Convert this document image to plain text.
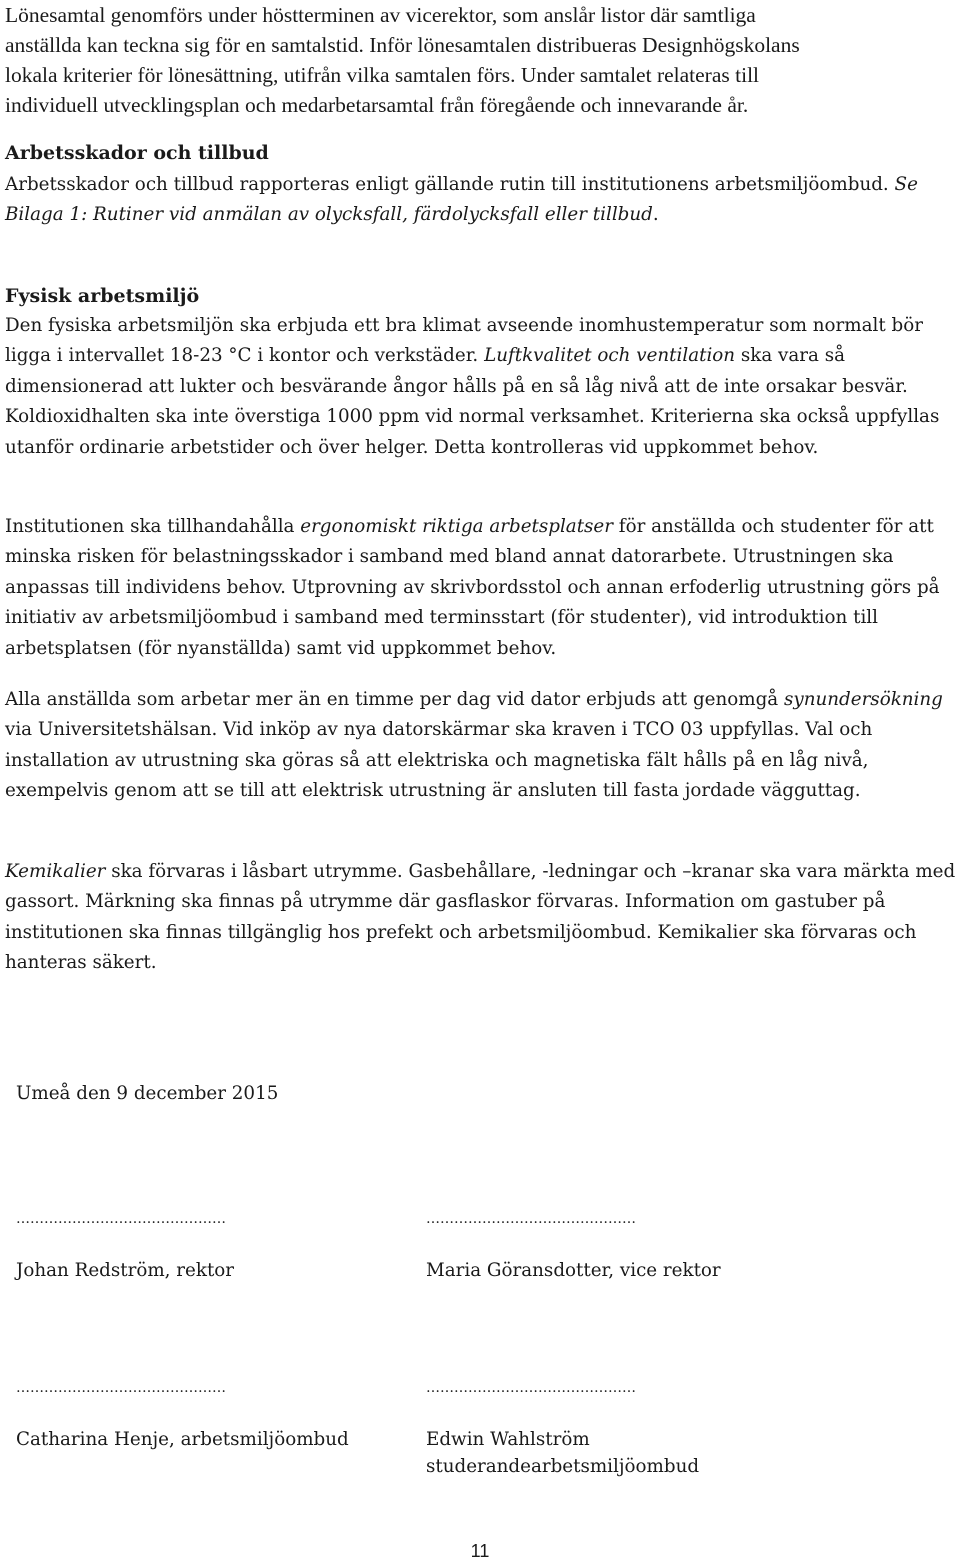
Lönesamtal genomförs under höstterminen av vicerektor, som anslår listor där samtliga
anställda kan teckna sig för en samtalstid. Inför lönesamtalen distribueras Designhögskolans
lokala kriterier för lönesättning, utifrån vilka samtalen förs. Under samtalet relateras till
individuell utvecklingsplan och medarbetarsamtal från föregående och innevarande år.
Arbetsskador och tillbud
Arbetsskador och tillbud rapporteras enligt gällande rutin till institutionens arbetsmiljöombud. Se Bilaga 1: Rutiner vid anmälan av olycksfall, färdolycksfall eller tillbud.
Fysisk arbetsmiljö
Den fysiska arbetsmiljön ska erbjuda ett bra klimat avseende inomhustemperatur som normalt bör ligga i intervallet 18-23 °C i kontor och verkstäder. Luftkvalitet och ventilation ska vara så dimensionerad att lukter och besvärande ångor hålls på en så låg nivå att de inte orsakar besvär. Koldioxidhalten ska inte överstiga 1000 ppm vid normal verksamhet. Kriterierna ska också uppfyllas utanför ordinarie arbetstider och över helger. Detta kontrolleras vid uppkommet behov.
Institutionen ska tillhandahålla ergonomiskt riktiga arbetsplatser för anställda och studenter för att minska risken för belastningsskador i samband med bland annat datorarbete. Utrustningen ska anpassas till individens behov. Utprovning av skrivbordsstol och annan erfoderlig utrustning görs på initiativ av arbetsmiljöombud i samband med terminsstart (för studenter), vid introduktion till arbetsplatsen (för nyanställda) samt vid uppkommet behov.
Alla anställda som arbetar mer än en timme per dag vid dator erbjuds att genomgå synundersökning via Universitetshälsan. Vid inköp av nya datorskärmar ska kraven i TCO 03 uppfyllas. Val och installation av utrustning ska göras så att elektriska och magnetiska fält hålls på en låg nivå, exempelvis genom att se till att elektrisk utrustning är ansluten till fasta jordade vägguttag.
Kemikalier ska förvaras i låsbart utrymme. Gasbehållare, -ledningar och –kranar ska vara märkta med gassort. Märkning ska finnas på utrymme där gasflaskor förvaras. Information om gastuber på institutionen ska finnas tillgänglig hos prefekt och arbetsmiljöombud. Kemikalier ska förvaras och hanteras säkert.
Umeå den 9 december 2015
………………………………………	………………………………………
Johan Redström, rektor	Maria Göransdotter, vice rektor
………………………………………	………………………………………
Catharina Henje, arbetsmiljöombud	Edwin Wahlström
studerandearbetsmiljöombud
11
